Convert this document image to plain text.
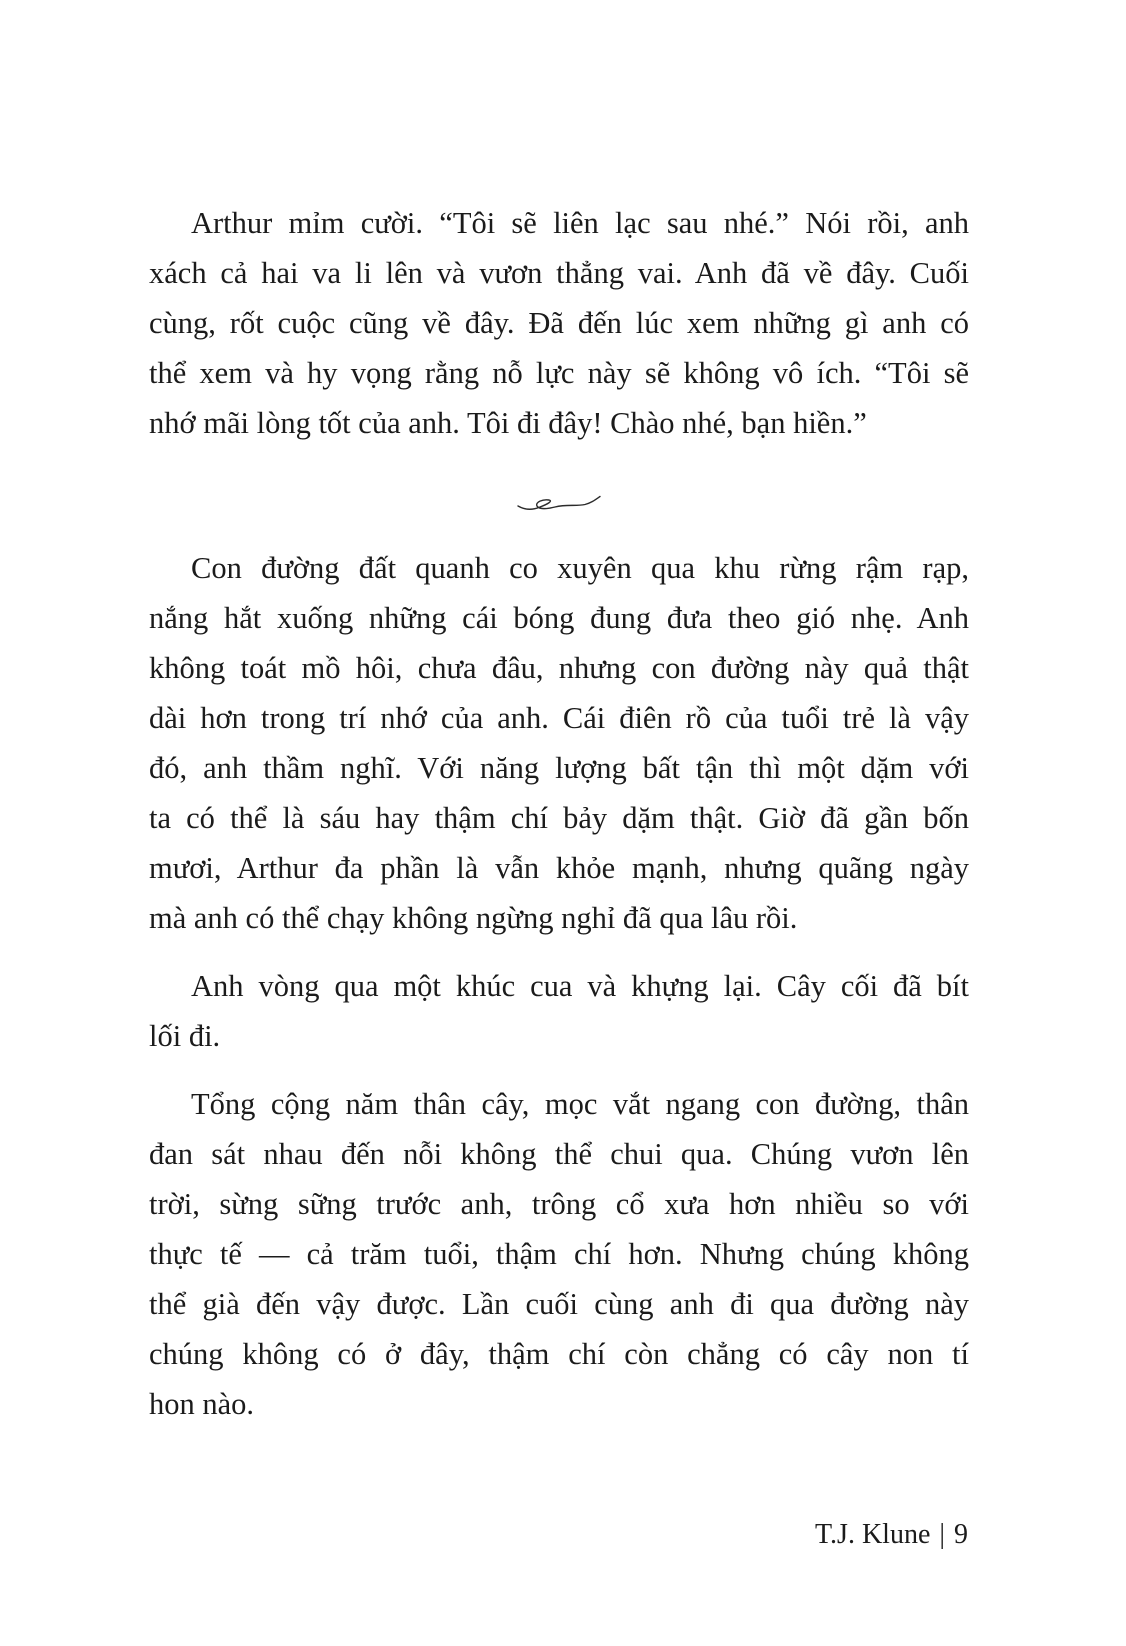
Arthur mỉm cười. “Tôi sẽ liên lạc sau nhé.” Nói rồi, anh
xách cả hai va li lên và vươn thẳng vai. Anh đã về đây. Cuối
cùng, rốt cuộc cũng về đây. Đã đến lúc xem những gì anh có
thể xem và hy vọng rằng nỗ lực này sẽ không vô ích. “Tôi sẽ
nhớ mãi lòng tốt của anh. Tôi đi đây! Chào nhé, bạn hiền.”
Con đường đất quanh co xuyên qua khu rừng rậm rạp,
nắng hắt xuống những cái bóng đung đưa theo gió nhẹ. Anh
không toát mồ hôi, chưa đâu, nhưng con đường này quả thật
dài hơn trong trí nhớ của anh. Cái điên rồ của tuổi trẻ là vậy
đó, anh thầm nghĩ. Với năng lượng bất tận thì một dặm với
ta có thể là sáu hay thậm chí bảy dặm thật. Giờ đã gần bốn
mươi, Arthur đa phần là vẫn khỏe mạnh, nhưng quãng ngày
mà anh có thể chạy không ngừng nghỉ đã qua lâu rồi.
Anh vòng qua một khúc cua và khựng lại. Cây cối đã bít
lối đi.
Tổng cộng năm thân cây, mọc vắt ngang con đường, thân
đan sát nhau đến nỗi không thể chui qua. Chúng vươn lên
trời, sừng sững trước anh, trông cổ xưa hơn nhiều so với
thực tế — cả trăm tuổi, thậm chí hơn. Nhưng chúng không
thể già đến vậy được. Lần cuối cùng anh đi qua đường này
chúng không có ở đây, thậm chí còn chẳng có cây non tí
hon nào.
T.J. Klune | 9
